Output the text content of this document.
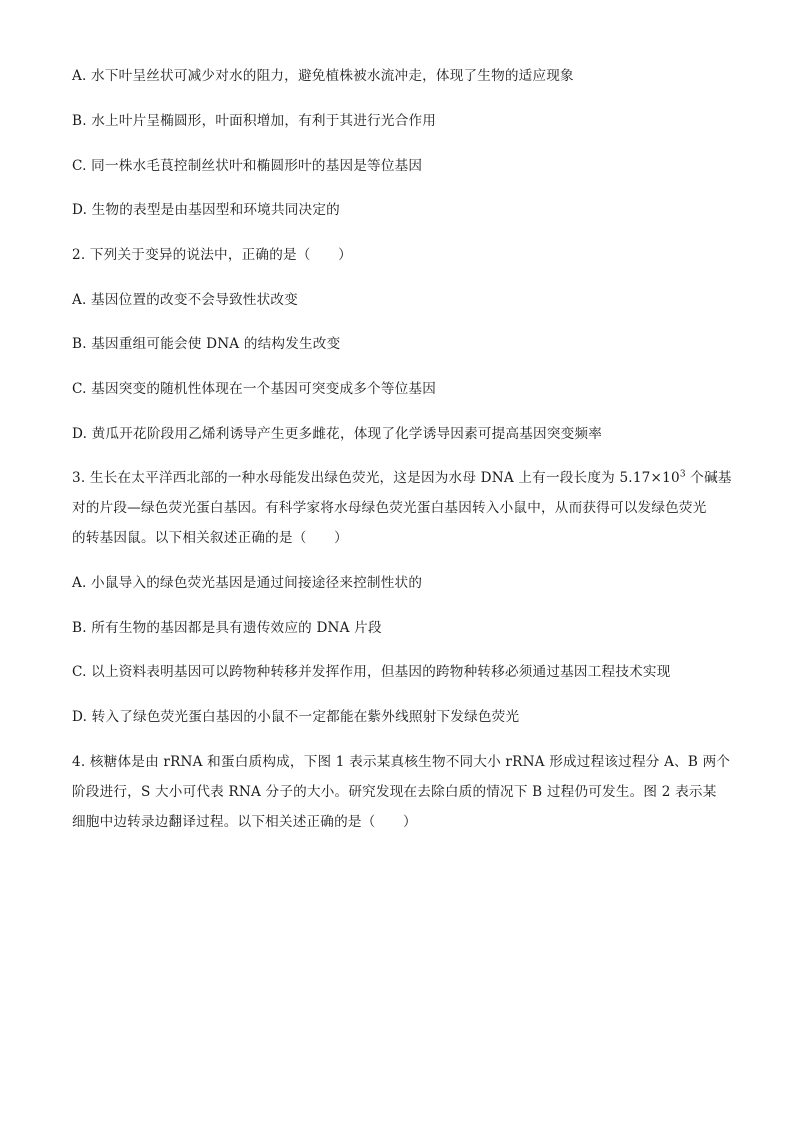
A. 水下叶呈丝状可减少对水的阻力，避免植株被水流冲走，体现了生物的适应现象
B. 水上叶片呈椭圆形，叶面积增加，有利于其进行光合作用
C. 同一株水毛茛控制丝状叶和椭圆形叶的基因是等位基因
D. 生物的表型是由基因型和环境共同决定的
2. 下列关于变异的说法中，正确的是（　　）
A. 基因位置的改变不会导致性状改变
B. 基因重组可能会使 DNA 的结构发生改变
C. 基因突变的随机性体现在一个基因可突变成多个等位基因
D. 黄瓜开花阶段用乙烯利诱导产生更多雌花，体现了化学诱导因素可提高基因突变频率
3. 生长在太平洋西北部的一种水母能发出绿色荧光，这是因为水母 DNA 上有一段长度为 $5.17\times 10^3$ 个碱基
对的片段—绿色荧光蛋白基因。有科学家将水母绿色荧光蛋白基因转入小鼠中，从而获得可以发绿色荧光
的转基因鼠。以下相关叙述正确的是（　　）
A. 小鼠导入的绿色荧光基因是通过间接途径来控制性状的
B. 所有生物的基因都是具有遗传效应的 DNA 片段
C. 以上资料表明基因可以跨物种转移并发挥作用，但基因的跨物种转移必须通过基因工程技术实现
D. 转入了绿色荧光蛋白基因的小鼠不一定都能在紫外线照射下发绿色荧光
4. 核糖体是由 rRNA 和蛋白质构成，下图 1 表示某真核生物不同大小 rRNA 形成过程该过程分 A、B 两个
阶段进行，S 大小可代表 RNA 分子的大小。研究发现在去除白质的情况下 B 过程仍可发生。图 2 表示某
细胞中边转录边翻译过程。以下相关述正确的是（　　）
